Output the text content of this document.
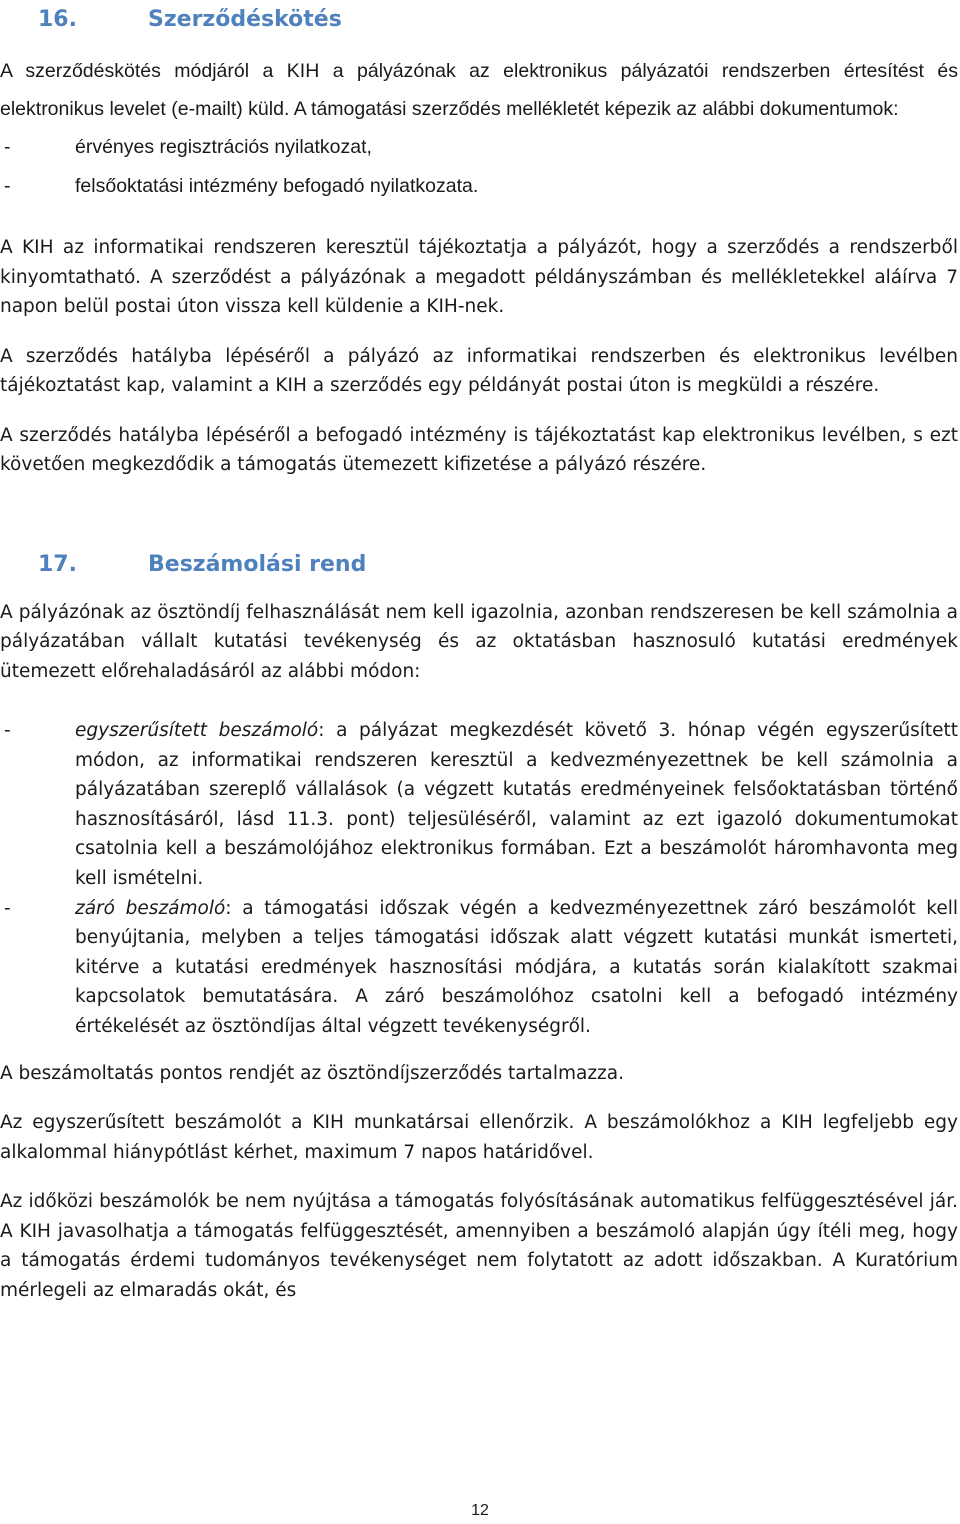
16.	Szerződéskötés

A szerződéskötés módjáról a KIH a pályázónak az elektronikus pályázatói rendszerben értesítést és elektronikus levelet (e-mailt) küld. A támogatási szerződés mellékletét képezik az alábbi dokumentumok:

-	érvényes regisztrációs nyilatkozat,
-	felsőoktatási intézmény befogadó nyilatkozata.

A KIH az informatikai rendszeren keresztül tájékoztatja a pályázót, hogy a szerződés a rendszerből kinyomtatható. A szerződést a pályázónak a megadott példányszámban és mellékletekkel aláírva 7 napon belül postai úton vissza kell küldenie a KIH-nek.

A szerződés hatályba lépéséről a pályázó az informatikai rendszerben és elektronikus levélben tájékoztatást kap, valamint a KIH a szerződés egy példányát postai úton is megküldi a részére.

A szerződés hatályba lépéséről a befogadó intézmény is tájékoztatást kap elektronikus levélben, s ezt követően megkezdődik a támogatás ütemezett kifizetése a pályázó részére.

17.	Beszámolási rend

A pályázónak az ösztöndíj felhasználását nem kell igazolnia, azonban rendszeresen be kell számolnia a pályázatában vállalt kutatási tevékenység és az oktatásban hasznosuló kutatási eredmények ütemezett előrehaladásáról az alábbi módon:

-	egyszerűsített beszámoló: a pályázat megkezdését követő 3. hónap végén egyszerűsített módon, az informatikai rendszeren keresztül a kedvezményezettnek be kell számolnia a pályázatában szereplő vállalások (a végzett kutatás eredményeinek felsőoktatásban történő hasznosításáról, lásd 11.3. pont) teljesüléséről, valamint az ezt igazoló dokumentumokat csatolnia kell a beszámolójához elektronikus formában. Ezt a beszámolót háromhavonta meg kell ismételni.
-	záró beszámoló: a támogatási időszak végén a kedvezményezettnek záró beszámolót kell benyújtania, melyben a teljes támogatási időszak alatt végzett kutatási munkát ismerteti, kitérve a kutatási eredmények hasznosítási módjára, a kutatás során kialakított szakmai kapcsolatok bemutatására. A záró beszámolóhoz csatolni kell a befogadó intézmény értékelését az ösztöndíjas által végzett tevékenységről.

A beszámoltatás pontos rendjét az ösztöndíjszerződés tartalmazza.

Az egyszerűsített beszámolót a KIH munkatársai ellenőrzik. A beszámolókhoz a KIH legfeljebb egy alkalommal hiánypótlást kérhet, maximum 7 napos határidővel.

Az időközi beszámolók be nem nyújtása a támogatás folyósításának automatikus felfüggesztésével jár. A KIH javasolhatja a támogatás felfüggesztését, amennyiben a beszámoló alapján úgy ítéli meg, hogy a támogatás érdemi tudományos tevékenységet nem folytatott az adott időszakban. A Kuratórium mérlegeli az elmaradás okát, és

12
